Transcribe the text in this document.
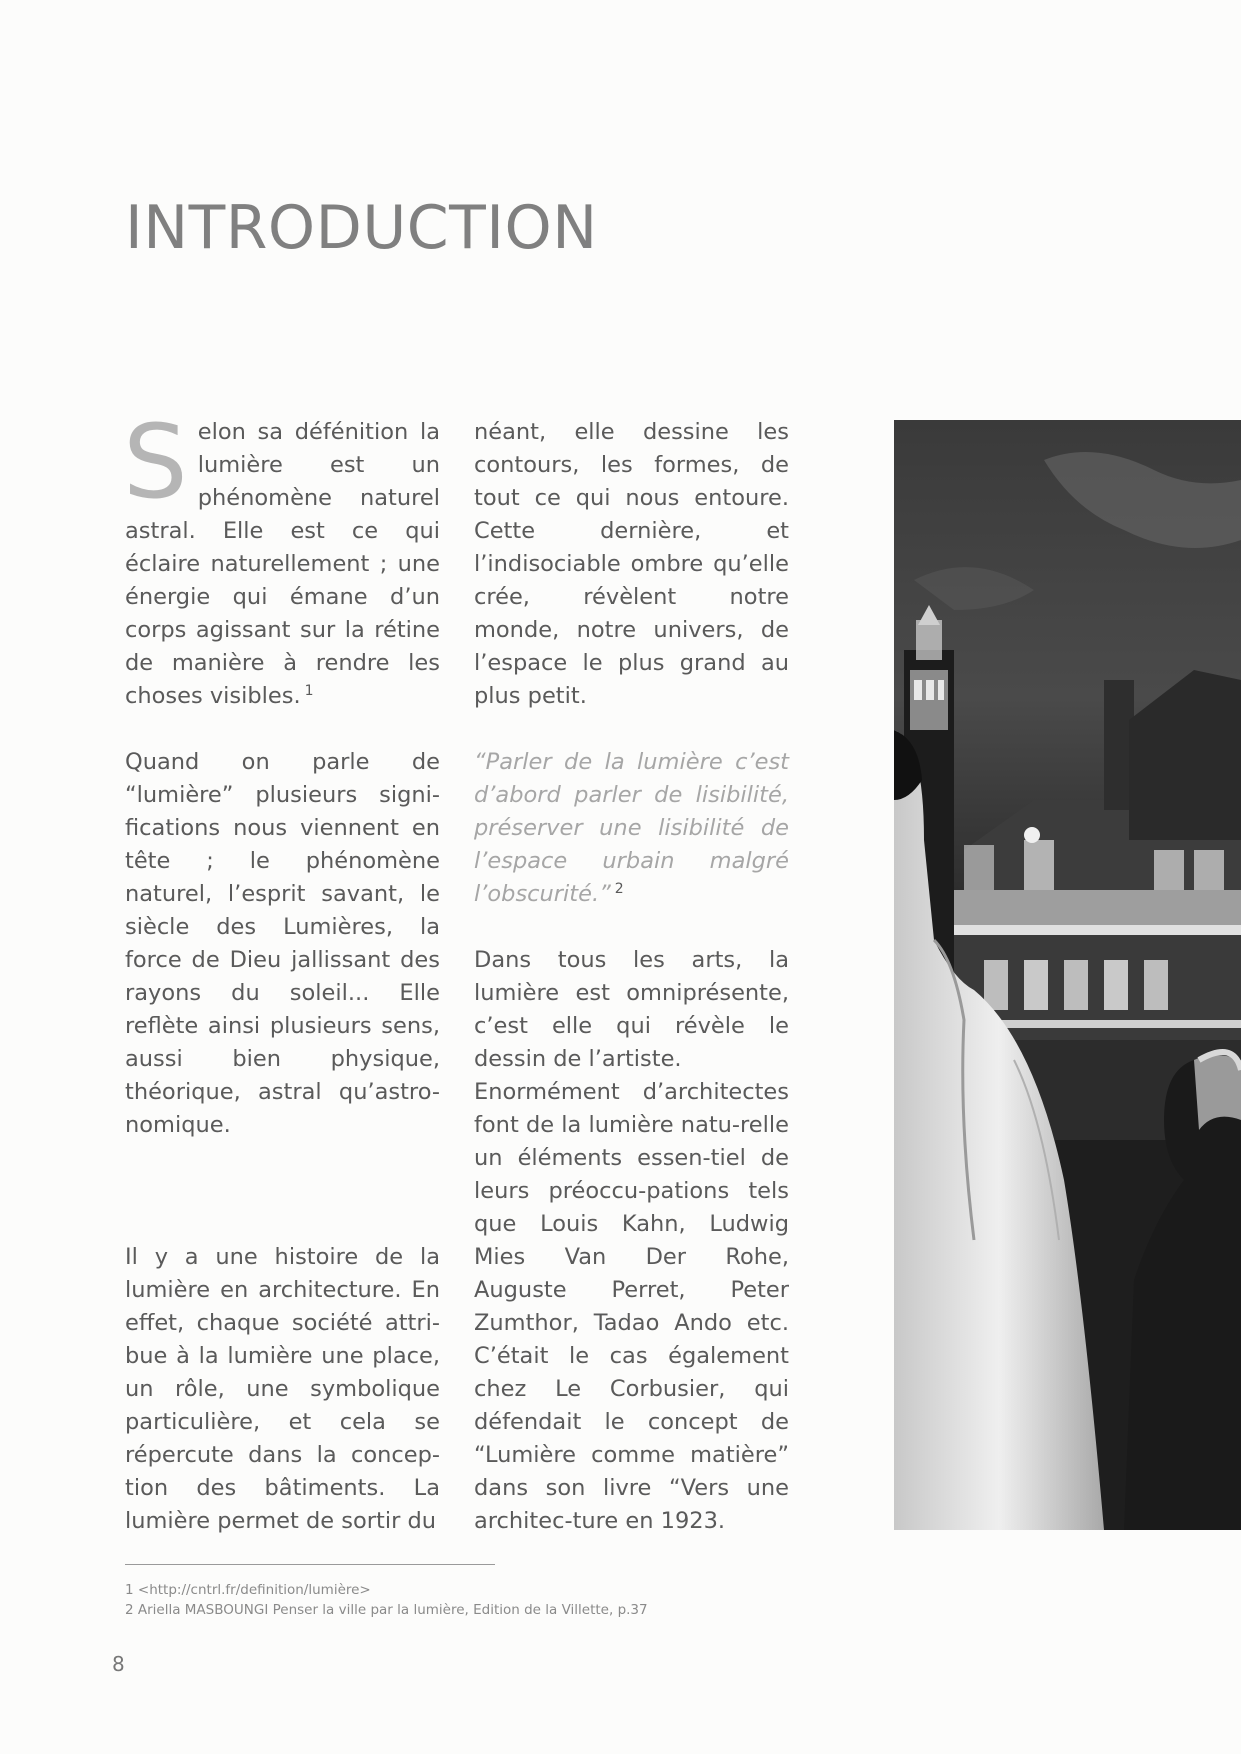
INTRODUCTION

Selon sa défénition la lumière est un phénomène naturel astral. Elle est ce qui éclaire naturellement ; une énergie qui émane d’un corps agissant sur la rétine de manière à rendre les choses visibles. $^1$

Quand on parle de “lumière” plusieurs signi-fications nous viennent en tête ; le phénomène naturel, l’esprit savant, le siècle des Lumières, la force de Dieu jallissant des rayons du soleil... Elle reflète ainsi plusieurs sens, aussi bien physique, théorique, astral qu’astro-nomique.

Il y a une histoire de la lumière en architecture. En effet, chaque société attri-bue à la lumière une place, un rôle, une symbolique particulière, et cela se répercute dans la concep-tion des bâtiments. La lumière permet de sortir du

néant, elle dessine les contours, les formes, de tout ce qui nous entoure. Cette dernière, et l’indisociable ombre qu’elle crée, révèlent notre monde, notre univers, de l’espace le plus grand au plus petit.

“Parler de la lumière c’est d’abord parler de lisibilité, préserver une lisibilité de l’espace urbain malgré l’obscurité.” $^2$

Dans tous les arts, la lumière est omniprésente, c’est elle qui révèle le dessin de l’artiste.

Enormément d’architectes font de la lumière natu-relle un éléments essen-tiel de leurs préoccu-pations tels que Louis Kahn, Ludwig Mies Van Der Rohe, Auguste Perret, Peter Zumthor, Tadao Ando etc. C’était le cas également chez Le Corbusier, qui défendait le concept de “Lumière comme matière” dans son livre “Vers une architec-ture en 1923.

1 <http://cntrl.fr/definition/lumière>
2 Ariella MASBOUNGI Penser la ville par la lumière, Edition de la Villette, p.37
8
